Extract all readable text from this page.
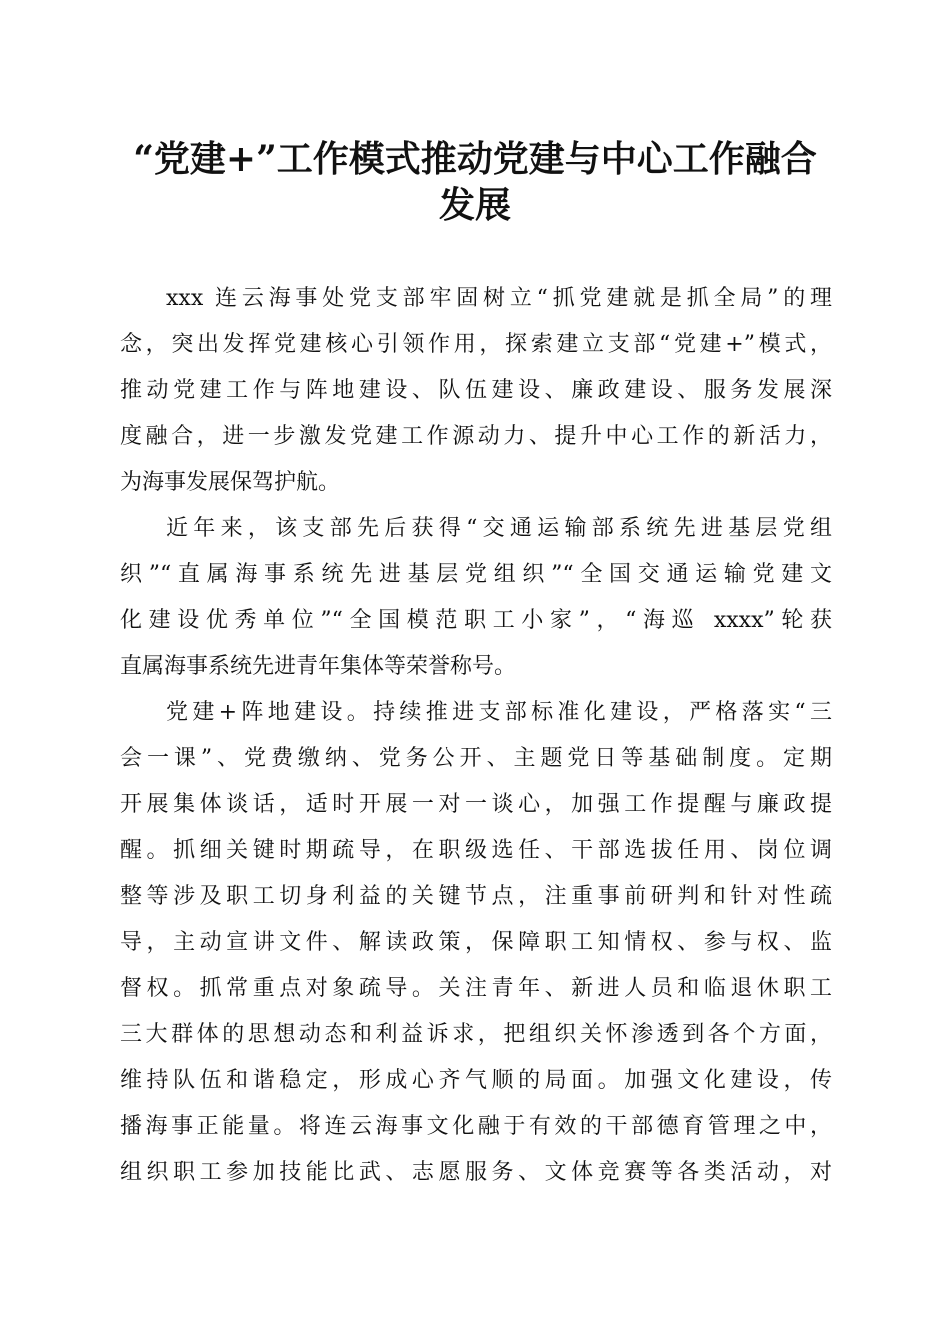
“党建+”工作模式推动党建与中心工作融合
发展
xxx 连云海事处党支部牢固树立“抓党建就是抓全局”的理
念，突出发挥党建核心引领作用，探索建立支部“党建+”模式，
推动党建工作与阵地建设、队伍建设、廉政建设、服务发展深
度融合，进一步激发党建工作源动力、提升中心工作的新活力，
为海事发展保驾护航。
近年来，该支部先后获得“交通运输部系统先进基层党组
织”“直属海事系统先进基层党组织”“全国交通运输党建文
化建设优秀单位”“全国模范职工小家”，“海巡 xxxx”轮获
直属海事系统先进青年集体等荣誉称号。
党建+阵地建设。持续推进支部标准化建设，严格落实“三
会一课”、党费缴纳、党务公开、主题党日等基础制度。定期
开展集体谈话，适时开展一对一谈心，加强工作提醒与廉政提
醒。抓细关键时期疏导，在职级选任、干部选拔任用、岗位调
整等涉及职工切身利益的关键节点，注重事前研判和针对性疏
导，主动宣讲文件、解读政策，保障职工知情权、参与权、监
督权。抓常重点对象疏导。关注青年、新进人员和临退休职工
三大群体的思想动态和利益诉求，把组织关怀渗透到各个方面，
维持队伍和谐稳定，形成心齐气顺的局面。加强文化建设，传
播海事正能量。将连云海事文化融于有效的干部德育管理之中，
组织职工参加技能比武、志愿服务、文体竞赛等各类活动，对
